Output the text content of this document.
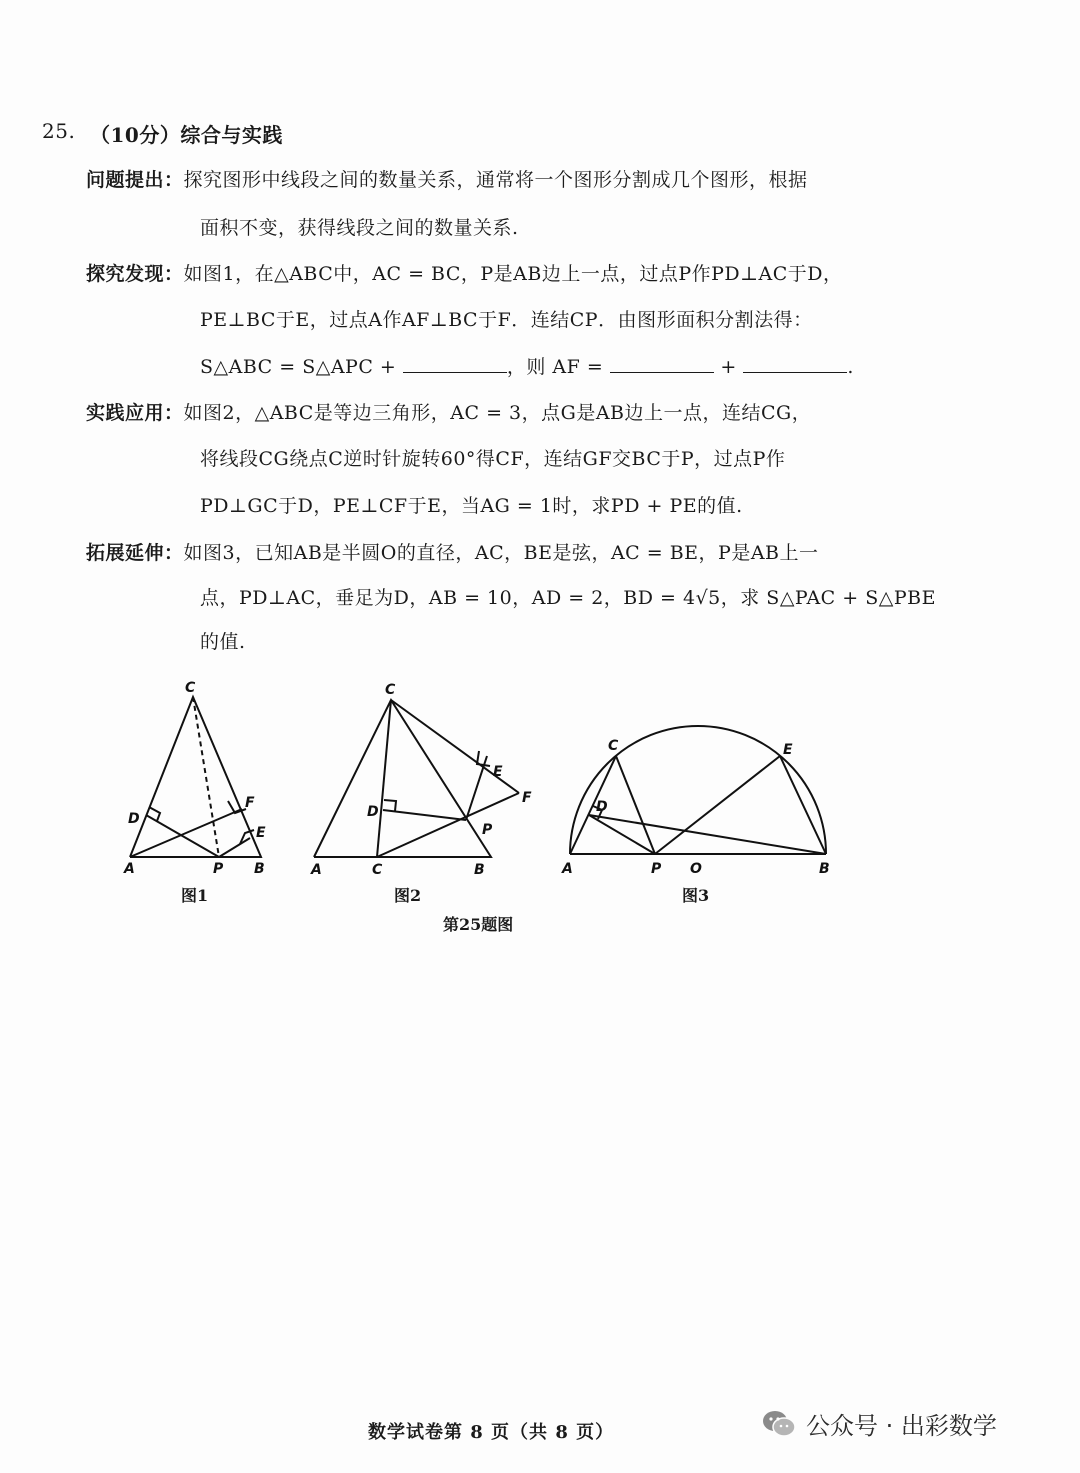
25. （10分）综合与实践
问题提出：探究图形中线段之间的数量关系，通常将一个图形分割成几个图形，根据
面积不变，获得线段之间的数量关系.
探究发现：如图1，在△ABC中，AC = BC，P是AB边上一点，过点P作PD⊥AC于D，
PE⊥BC于E，过点A作AF⊥BC于F．连结CP．由图形面积分割法得：
S△ABC = S△APC +	，则 AF =	+	.
实践应用：如图2，△ABC是等边三角形，AC = 3，点G是AB边上一点，连结CG，
将线段CG绕点C逆时针旋转60°得CF，连结GF交BC于P，过点P作
PD⊥GC于D，PE⊥CF于E，当AG = 1时，求PD + PE的值.
拓展延伸：如图3，已知AB是半圆O的直径，AC，BE是弦，AC = BE，P是AB上一
点，PD⊥AC，垂足为D，AB = 10，AD = 2，BD = 4√5，求 S△PAC + S△PBE
的值.
C
D
F
E
A	P B
C
E
F
D
P
A	C	B
C	E
D
A	P O	B
图1	图2	图3
第25题图
数学试卷第 8 页（共 8 页）	公众号 · 出彩数学
